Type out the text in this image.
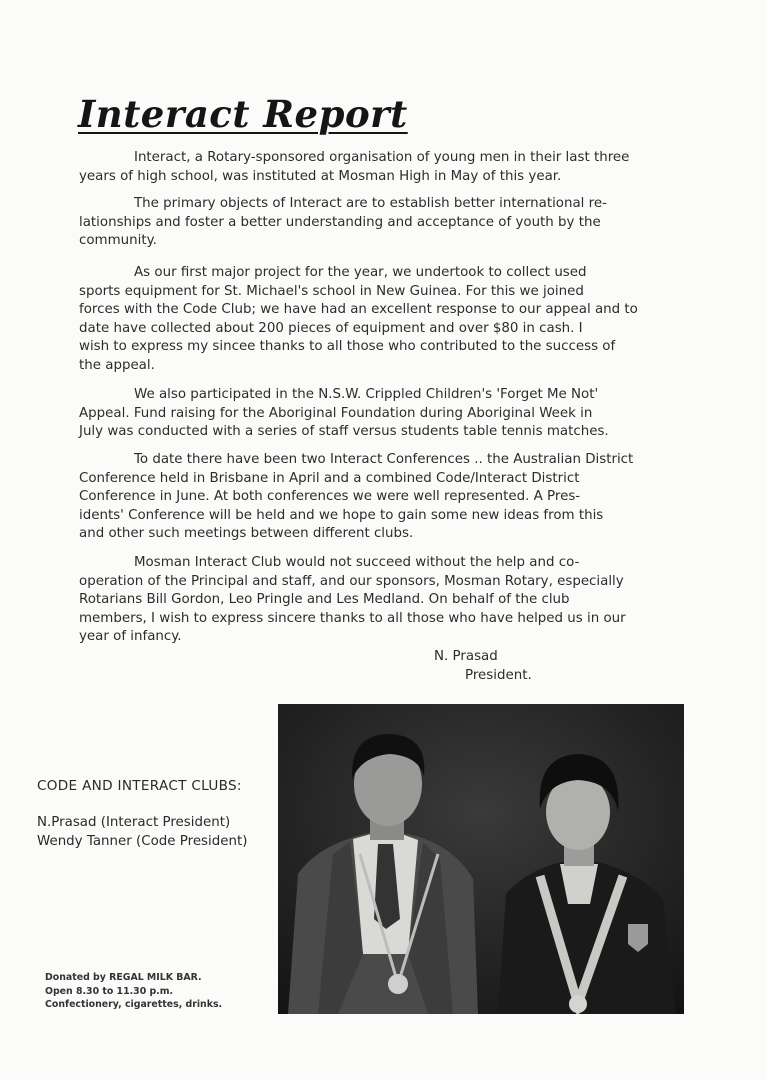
Interact Report
Interact, a Rotary-sponsored organisation of young men in their last three
years of high school, was instituted at Mosman High in May of this year.
The primary objects of Interact are to establish better international re-
lationships and foster a better understanding and acceptance of youth by the
community.
As our first major project for the year, we undertook to collect used
sports equipment for St. Michael's school in New Guinea. For this we joined
forces with the Code Club; we have had an excellent response to our appeal and to
date have collected about 200 pieces of equipment and over $80 in cash. I
wish to express my sincee thanks to all those who contributed to the success of
the appeal.
We also participated in the N.S.W. Crippled Children's 'Forget Me Not'
Appeal. Fund raising for the Aboriginal Foundation during Aboriginal Week in
July was conducted with a series of staff versus students table tennis matches.
To date there have been two Interact Conferences .. the Australian District
Conference held in Brisbane in April and a combined Code/Interact District
Conference in June. At both conferences we were well represented. A Pres-
idents' Conference will be held and we hope to gain some new ideas from this
and other such meetings between different clubs.
Mosman Interact Club would not succeed without the help and co-
operation of the Principal and staff, and our sponsors, Mosman Rotary, especially
Rotarians Bill Gordon, Leo Pringle and Les Medland. On behalf of the club
members, I wish to express sincere thanks to all those who have helped us in our
year of infancy.
N. Prasad
President.
CODE AND INTERACT CLUBS:
N.Prasad (Interact President)
Wendy Tanner (Code President)
Donated by REGAL MILK BAR.
Open 8.30 to 11.30 p.m.
Confectionery, cigarettes, drinks.
